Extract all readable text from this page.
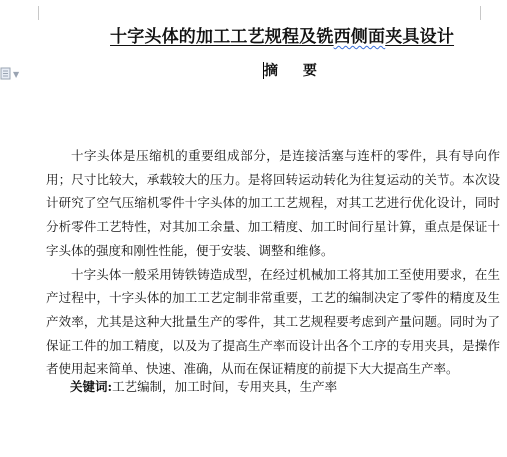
▼
十字头体的加工工艺规程及铣西侧面夹具设计
摘 要

十字头体是压缩机的重要组成部分，是连接活塞与连杆的零件，具有导向作用；尺寸比较大，承载较大的压力。是将回转运动转化为往复运动的关节。本次设计研究了空气压缩机零件十字头体的加工工艺规程，对其工艺进行优化设计，同时分析零件工艺特性，对其加工余量、加工精度、加工时间行星计算，重点是保证十字头体的强度和刚性性能，便于安装、调整和维修。

十字头体一般采用铸铁铸造成型，在经过机械加工将其加工至使用要求，在生产过程中，十字头体的加工工艺定制非常重要，工艺的编制决定了零件的精度及生产效率，尤其是这种大批量生产的零件，其工艺规程要考虑到产量问题。同时为了保证工件的加工精度，以及为了提高生产率而设计出各个工序的专用夹具，是操作者使用起来简单、快速、准确，从而在保证精度的前提下大大提高生产率。

关键词:工艺编制，加工时间，专用夹具，生产率
